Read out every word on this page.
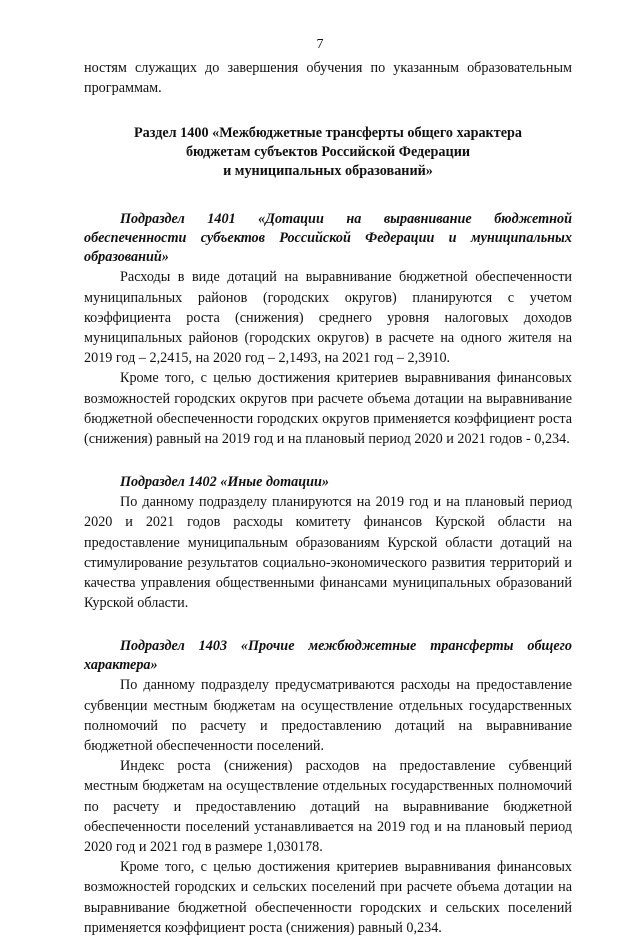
7

ностям служащих до завершения обучения по указанным образовательным программам.

Раздел 1400 «Межбюджетные трансферты общего характера
бюджетам субъектов Российской Федерации
и муниципальных образований»

Подраздел 1401 «Дотации на выравнивание бюджетной обеспеченности субъектов Российской Федерации и муниципальных образований»

Расходы в виде дотаций на выравнивание бюджетной обеспеченности муниципальных районов (городских округов) планируются с учетом коэффициента роста (снижения) среднего уровня налоговых доходов муниципальных районов (городских округов) в расчете на одного жителя на 2019 год – 2,2415, на 2020 год – 2,1493, на 2021 год – 2,3910.

Кроме того, с целью достижения критериев выравнивания финансовых возможностей городских округов при расчете объема дотации на выравнивание бюджетной обеспеченности городских округов применяется коэффициент роста (снижения) равный на 2019 год и на плановый период 2020 и 2021 годов - 0,234.

Подраздел 1402 «Иные дотации»

По данному подразделу планируются на 2019 год и на плановый период 2020 и 2021 годов расходы комитету финансов Курской области на предоставление муниципальным образованиям Курской области дотаций на стимулирование результатов социально-экономического развития территорий и качества управления общественными финансами муниципальных образований Курской области.

Подраздел 1403 «Прочие межбюджетные трансферты общего характера»

По данному подразделу предусматриваются расходы на предоставление субвенции местным бюджетам на осуществление отдельных государственных полномочий по расчету и предоставлению дотаций на выравнивание бюджетной обеспеченности поселений.

Индекс роста (снижения) расходов на предоставление субвенций местным бюджетам на осуществление отдельных государственных полномочий по расчету и предоставлению дотаций на выравнивание бюджетной обеспеченности поселений устанавливается на 2019 год и на плановый период 2020 год и 2021 год в размере 1,030178.

Кроме того, с целью достижения критериев выравнивания финансовых возможностей городских и сельских поселений при расчете объема дотации на выравнивание бюджетной обеспеченности городских и сельских поселений применяется коэффициент роста (снижения) равный 0,234.
